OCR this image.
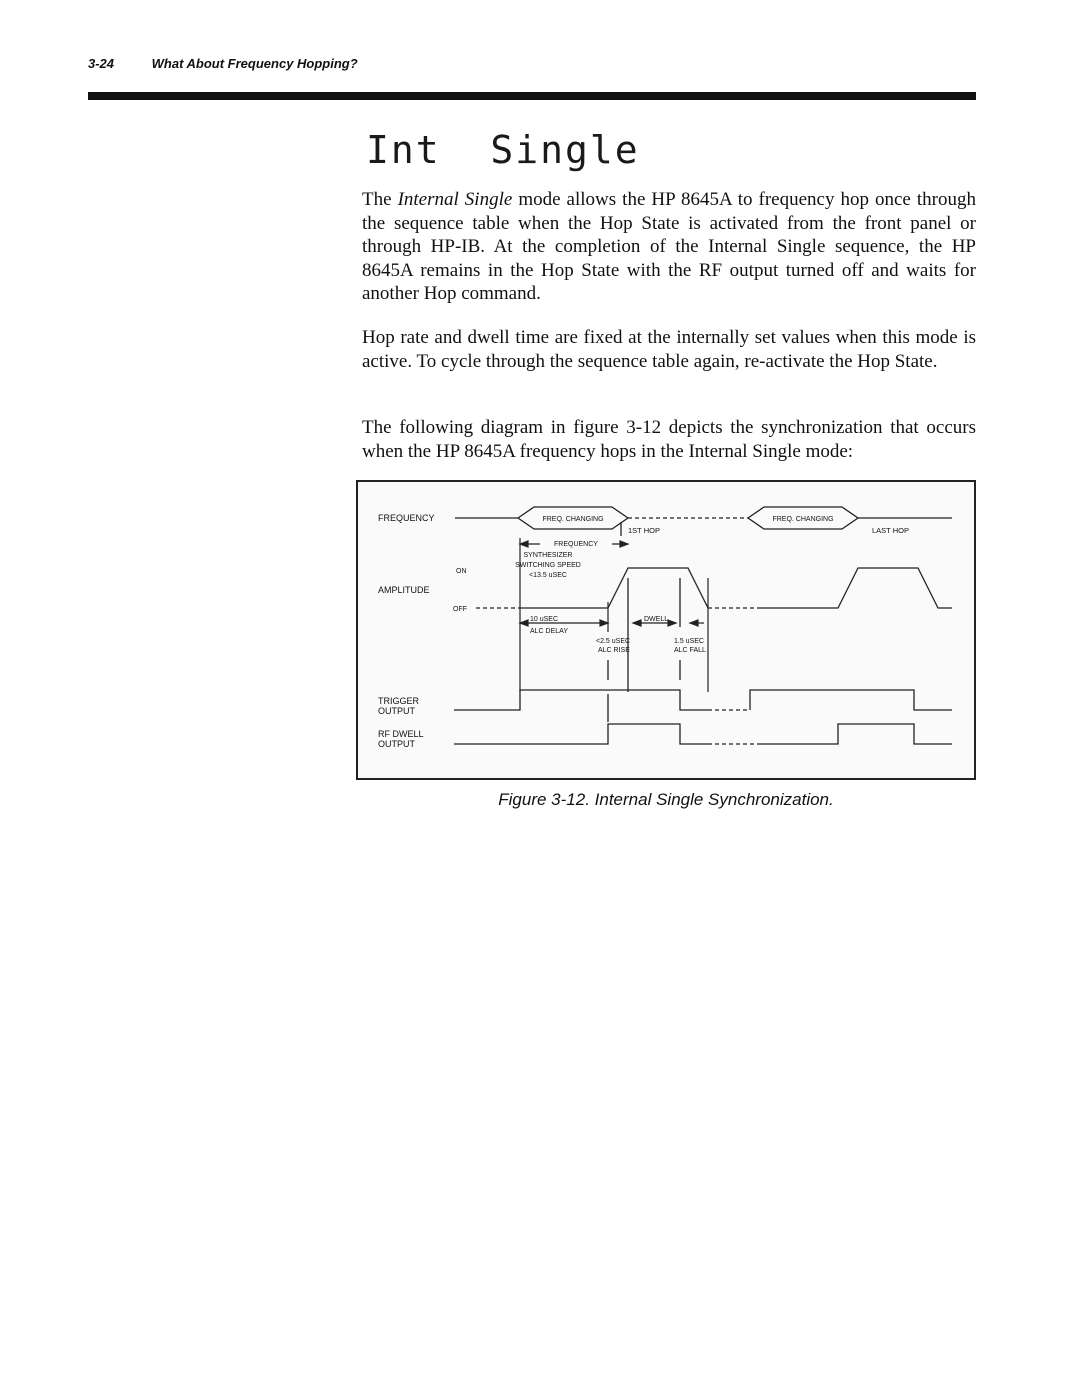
3-24	What About Frequency Hopping?
Int  Single

The Internal Single mode allows the HP 8645A to frequency hop once through the sequence table when the Hop State is activated from the front panel or through HP-IB. At the completion of the Internal Single sequence, the HP 8645A remains in the Hop State with the RF output turned off and waits for another Hop command.

Hop rate and dwell time are fixed at the internally set values when this mode is active. To cycle through the sequence table again, re-activate the Hop State.

The following diagram in figure 3-12 depicts the synchronization that occurs when the HP 8645A frequency hops in the Internal Single mode:

FREQUENCY	FREQ. CHANGING	FREQ. CHANGING
1ST HOP	LAST HOP
FREQUENCY
SYNTHESIZER
SWITCHING SPEED
<13.5 uSEC
AMPLITUDE
ON
OFF
10 uSEC
ALC DELAY
<2.5 uSEC
ALC RISE
DWELL
1.5 uSEC
ALC FALL
TRIGGER
OUTPUT
RF DWELL
OUTPUT

Figure 3-12. Internal Single Synchronization.
